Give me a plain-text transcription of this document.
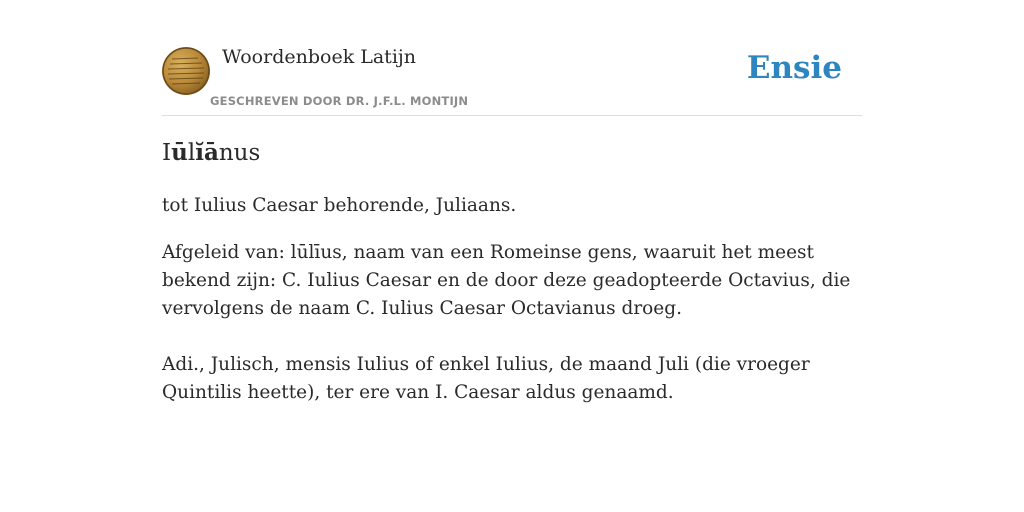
Woordenboek Latijn
GESCHREVEN DOOR DR. J.F.L. MONTIJN
Ensie
Iūlĭānus

tot Iulius Caesar behorende, Juliaans.

Afgeleid van: lūlīus, naam van een Romeinse gens, waaruit het meest bekend zijn: C. Iulius Caesar en de door deze geadopteerde Octavius, die vervolgens de naam C. Iulius Caesar Octavianus droeg.

Adi., Julisch, mensis Iulius of enkel Iulius, de maand Juli (die vroeger Quintilis heette), ter ere van I. Caesar aldus genaamd.
